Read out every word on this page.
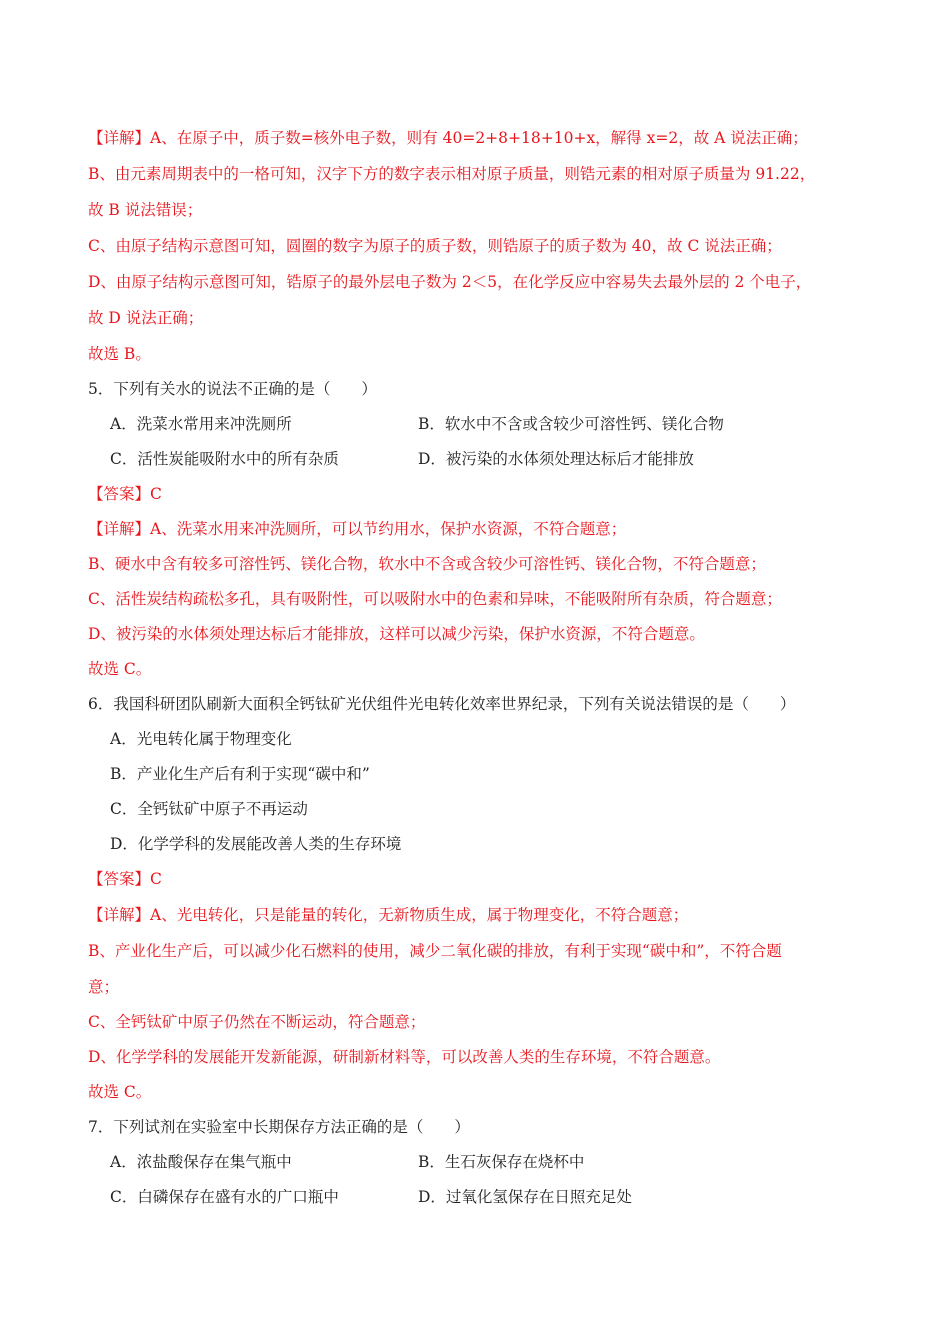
【详解】A、在原子中，质子数=核外电子数，则有 40=2+8+18+10+x，解得 x=2，故 A 说法正确；
B、由元素周期表中的一格可知，汉字下方的数字表示相对原子质量，则锆元素的相对原子质量为 91.22，
故 B 说法错误；
C、由原子结构示意图可知，圆圈的数字为原子的质子数，则锆原子的质子数为 40，故 C 说法正确；
D、由原子结构示意图可知，锆原子的最外层电子数为 2＜5，在化学反应中容易失去最外层的 2 个电子，
故 D 说法正确；
故选 B。
5．下列有关水的说法不正确的是（　　）
A．洗菜水常用来冲洗厕所	B．软水中不含或含较少可溶性钙、镁化合物
C．活性炭能吸附水中的所有杂质	D．被污染的水体须处理达标后才能排放
【答案】C
【详解】A、洗菜水用来冲洗厕所，可以节约用水，保护水资源，不符合题意；
B、硬水中含有较多可溶性钙、镁化合物，软水中不含或含较少可溶性钙、镁化合物，不符合题意；
C、活性炭结构疏松多孔，具有吸附性，可以吸附水中的色素和异味，不能吸附所有杂质，符合题意；
D、被污染的水体须处理达标后才能排放，这样可以减少污染，保护水资源，不符合题意。
故选 C。
6．我国科研团队刷新大面积全钙钛矿光伏组件光电转化效率世界纪录，下列有关说法错误的是（　　）
A．光电转化属于物理变化
B．产业化生产后有利于实现“碳中和”
C．全钙钛矿中原子不再运动
D．化学学科的发展能改善人类的生存环境
【答案】C
【详解】A、光电转化，只是能量的转化，无新物质生成，属于物理变化，不符合题意；
B、产业化生产后，可以减少化石燃料的使用，减少二氧化碳的排放，有利于实现“碳中和”，不符合题
意；
C、全钙钛矿中原子仍然在不断运动，符合题意；
D、化学学科的发展能开发新能源，研制新材料等，可以改善人类的生存环境，不符合题意。
故选 C。
7．下列试剂在实验室中长期保存方法正确的是（　　）
A．浓盐酸保存在集气瓶中	B．生石灰保存在烧杯中
C．白磷保存在盛有水的广口瓶中	D．过氧化氢保存在日照充足处
